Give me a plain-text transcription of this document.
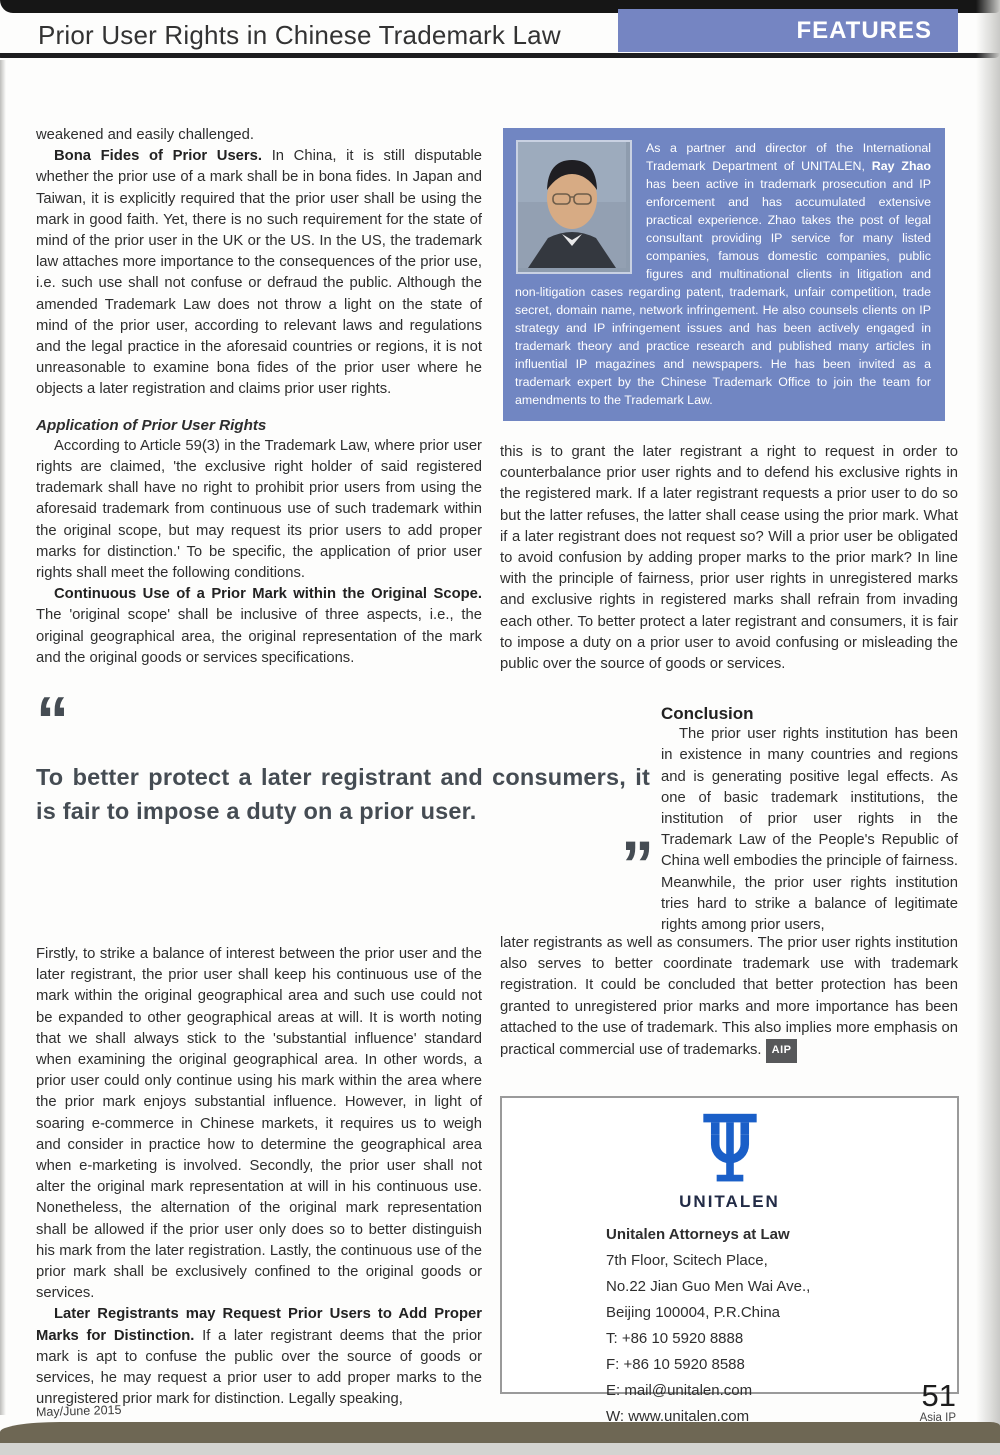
Prior User Rights in Chinese Trademark Law	FEATURES

weakened and easily challenged.

Bona Fides of Prior Users. In China, it is still disputable whether the prior use of a mark shall be in bona fides. In Japan and Taiwan, it is explicitly required that the prior user shall be using the mark in good faith. Yet, there is no such requirement for the state of mind of the prior user in the UK or the US. In the US, the trademark law attaches more importance to the consequences of the prior use, i.e. such use shall not confuse or defraud the public. Although the amended Trademark Law does not throw a light on the state of mind of the prior user, according to relevant laws and regulations and the legal practice in the aforesaid countries or regions, it is not unreasonable to examine bona fides of the prior user where he objects a later registration and claims prior user rights.

Application of Prior User Rights

According to Article 59(3) in the Trademark Law, where prior user rights are claimed, 'the exclusive right holder of said registered trademark shall have no right to prohibit prior users from using the aforesaid trademark from continuous use of such trademark within the original scope, but may request its prior users to add proper marks for distinction.' To be specific, the application of prior user rights shall meet the following conditions.

Continuous Use of a Prior Mark within the Original Scope. The 'original scope' shall be inclusive of three aspects, i.e., the original geographical area, the original representation of the mark and the original goods or services specifications.

As a partner and director of the International Trademark Department of UNITALEN, Ray Zhao has been active in trademark prosecution and IP enforcement and has accumulated extensive practical experience. Zhao takes the post of legal consultant providing IP service for many listed companies, famous domestic companies, public figures and multinational clients in litigation and non-litigation cases regarding patent, trademark, unfair competition, trade secret, domain name, network infringement. He also counsels clients on IP strategy and IP infringement issues and has been actively engaged in trademark theory and practice research and published many articles in influential IP magazines and newspapers. He has been invited as a trademark expert by the Chinese Trademark Office to join the team for amendments to the Trademark Law.

this is to grant the later registrant a right to request in order to counterbalance prior user rights and to defend his exclusive rights in the registered mark. If a later registrant requests a prior user to do so but the latter refuses, the latter shall cease using the prior mark. What if a later registrant does not request so? Will a prior user be obligated to avoid confusion by adding proper marks to the prior mark? In line with the principle of fairness, prior user rights in unregistered marks and exclusive rights in registered marks shall refrain from invading each other. To better protect a later registrant and consumers, it is fair to impose a duty on a prior user to avoid confusing or misleading the public over the source of goods or services.

“
To better protect a later registrant and consumers, it is fair to impose a duty on a prior user.
”

Conclusion

The prior user rights institution has been in existence in many countries and regions and is generating positive legal effects. As one of basic trademark institutions, the institution of prior user rights in the Trademark Law of the People's Republic of China well embodies the principle of fairness. Meanwhile, the prior user rights institution tries hard to strike a balance of legitimate rights among prior users,

later registrants as well as consumers. The prior user rights institution also serves to better coordinate trademark use with trademark registration. It could be concluded that better protection has been granted to unregistered prior marks and more importance has been attached to the use of trademark. This also implies more emphasis on practical commercial use of trademarks. AIP

Firstly, to strike a balance of interest between the prior user and the later registrant, the prior user shall keep his continuous use of the mark within the original geographical area and such use could not be expanded to other geographical areas at will. It is worth noting that we shall always stick to the 'substantial influence' standard when examining the original geographical area. In other words, a prior user could only continue using his mark within the area where the prior mark enjoys substantial influence. However, in light of soaring e-commerce in Chinese markets, it requires us to weigh and consider in practice how to determine the geographical area when e-marketing is involved. Secondly, the prior user shall not alter the original mark representation at will in his continuous use. Nonetheless, the alternation of the original mark representation shall be allowed if the prior user only does so to better distinguish his mark from the later registration. Lastly, the continuous use of the prior mark shall be exclusively confined to the original goods or services.

Later Registrants may Request Prior Users to Add Proper Marks for Distinction. If a later registrant deems that the prior mark is apt to confuse the public over the source of goods or services, he may request a prior user to add proper marks to the unregistered prior mark for distinction. Legally speaking,

UNITALEN
Unitalen Attorneys at Law
7th Floor, Scitech Place,
No.22 Jian Guo Men Wai Ave.,
Beijing 100004, P.R.China
T: +86 10 5920 8888
F: +86 10 5920 8588
E: mail@unitalen.com
W: www.unitalen.com
May/June 2015	51
Asia IP
